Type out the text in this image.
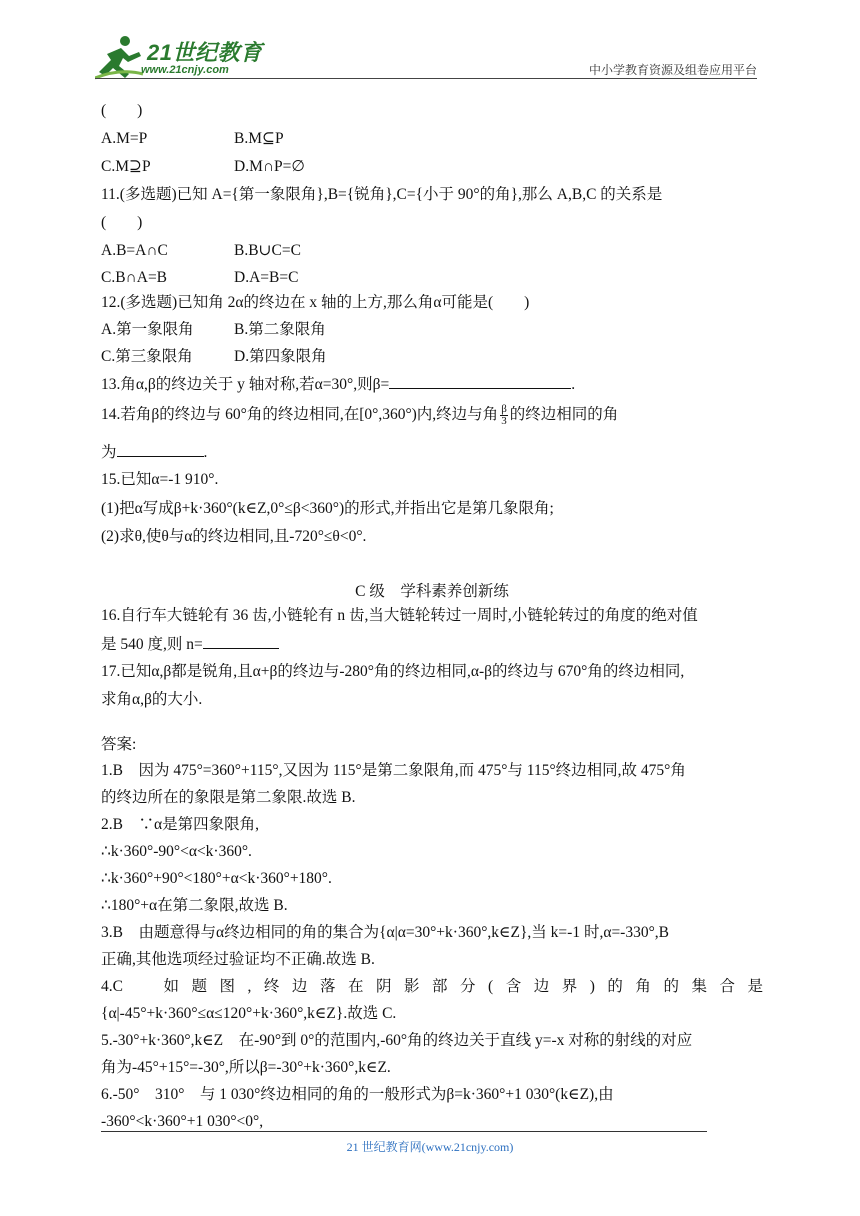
21世纪教育
www.21cnjy.com	中小学教育资源及组卷应用平台
(　　)
A.M=P	B.M⊆P
C.M⊇P	D.M∩P=∅
11.(多选题)已知 A={第一象限角},B={锐角},C={小于 90°的角},那么 A,B,C 的关系是
(　　)
A.B=A∩C	B.B∪C=C
C.B∩A=B	D.A=B=C
12.(多选题)已知角 2α的终边在 x 轴的上方,那么角α可能是(　　)
A.第一象限角	B.第二象限角
C.第三象限角	D.第四象限角
13.角α,β的终边关于 y 轴对称,若α=30°,则β=	.
14.若角β的终边与 60°角的终边相同,在[0°,360°)内,终边与角 $\frac{\beta}{3}$ 的终边相同的角
为	.
15.已知α=-1 910°.
(1)把α写成β+k·360°(k∈Z,0°≤β<360°)的形式,并指出它是第几象限角;
(2)求θ,使θ与α的终边相同,且-720°≤θ<0°.
C 级　学科素养创新练
16.自行车大链轮有 36 齿,小链轮有 n 齿,当大链轮转过一周时,小链轮转过的角度的绝对值
是 540 度,则 n=
17.已知α,β都是锐角,且α+β的终边与-280°角的终边相同,α-β的终边与 670°角的终边相同,
求角α,β的大小.
答案:
1.B　因为 475°=360°+115°,又因为 115°是第二象限角,而 475°与 115°终边相同,故 475°角
的终边所在的象限是第二象限.故选 B.
2.B　∵α是第四象限角,
∴k·360°-90°<α<k·360°.
∴k·360°+90°<180°+α<k·360°+180°.
∴180°+α在第二象限,故选 B.
3.B　由题意得与α终边相同的角的集合为{α|α=30°+k·360°,k∈Z},当 k=-1 时,α=-330°,B
正确,其他选项经过验证均不正确.故选 B.
4.C　如题图,终边落在阴影部分(含边界)的角的集合是
{α|-45°+k·360°≤α≤120°+k·360°,k∈Z}.故选 C.
5.-30°+k·360°,k∈Z　在-90°到 0°的范围内,-60°角的终边关于直线 y=-x 对称的射线的对应
角为-45°+15°=-30°,所以β=-30°+k·360°,k∈Z.
6.-50°　310°　与 1 030°终边相同的角的一般形式为β=k·360°+1 030°(k∈Z),由
-360°<k·360°+1 030°<0°,
21 世纪教育网(www.21cnjy.com)
